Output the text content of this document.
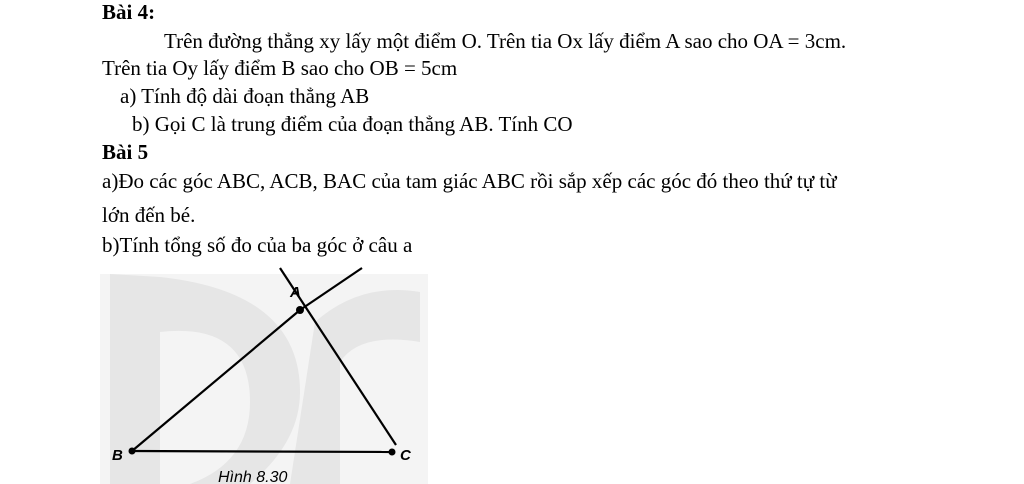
Bài 4:
Trên đường thẳng xy lấy một điểm O. Trên tia Ox lấy điểm A sao cho OA = 3cm.
Trên tia Oy lấy điểm B sao cho OB = 5cm
a) Tính độ dài đoạn thẳng AB
b) Gọi C là trung điểm của đoạn thẳng AB. Tính CO
Bài 5
a)Đo các góc ABC, ACB, BAC của tam giác ABC rồi sắp xếp các góc đó theo thứ tự từ
lớn đến bé.
b)Tính tổng số đo của ba góc ở câu a
A
B	C
Hình 8.30
